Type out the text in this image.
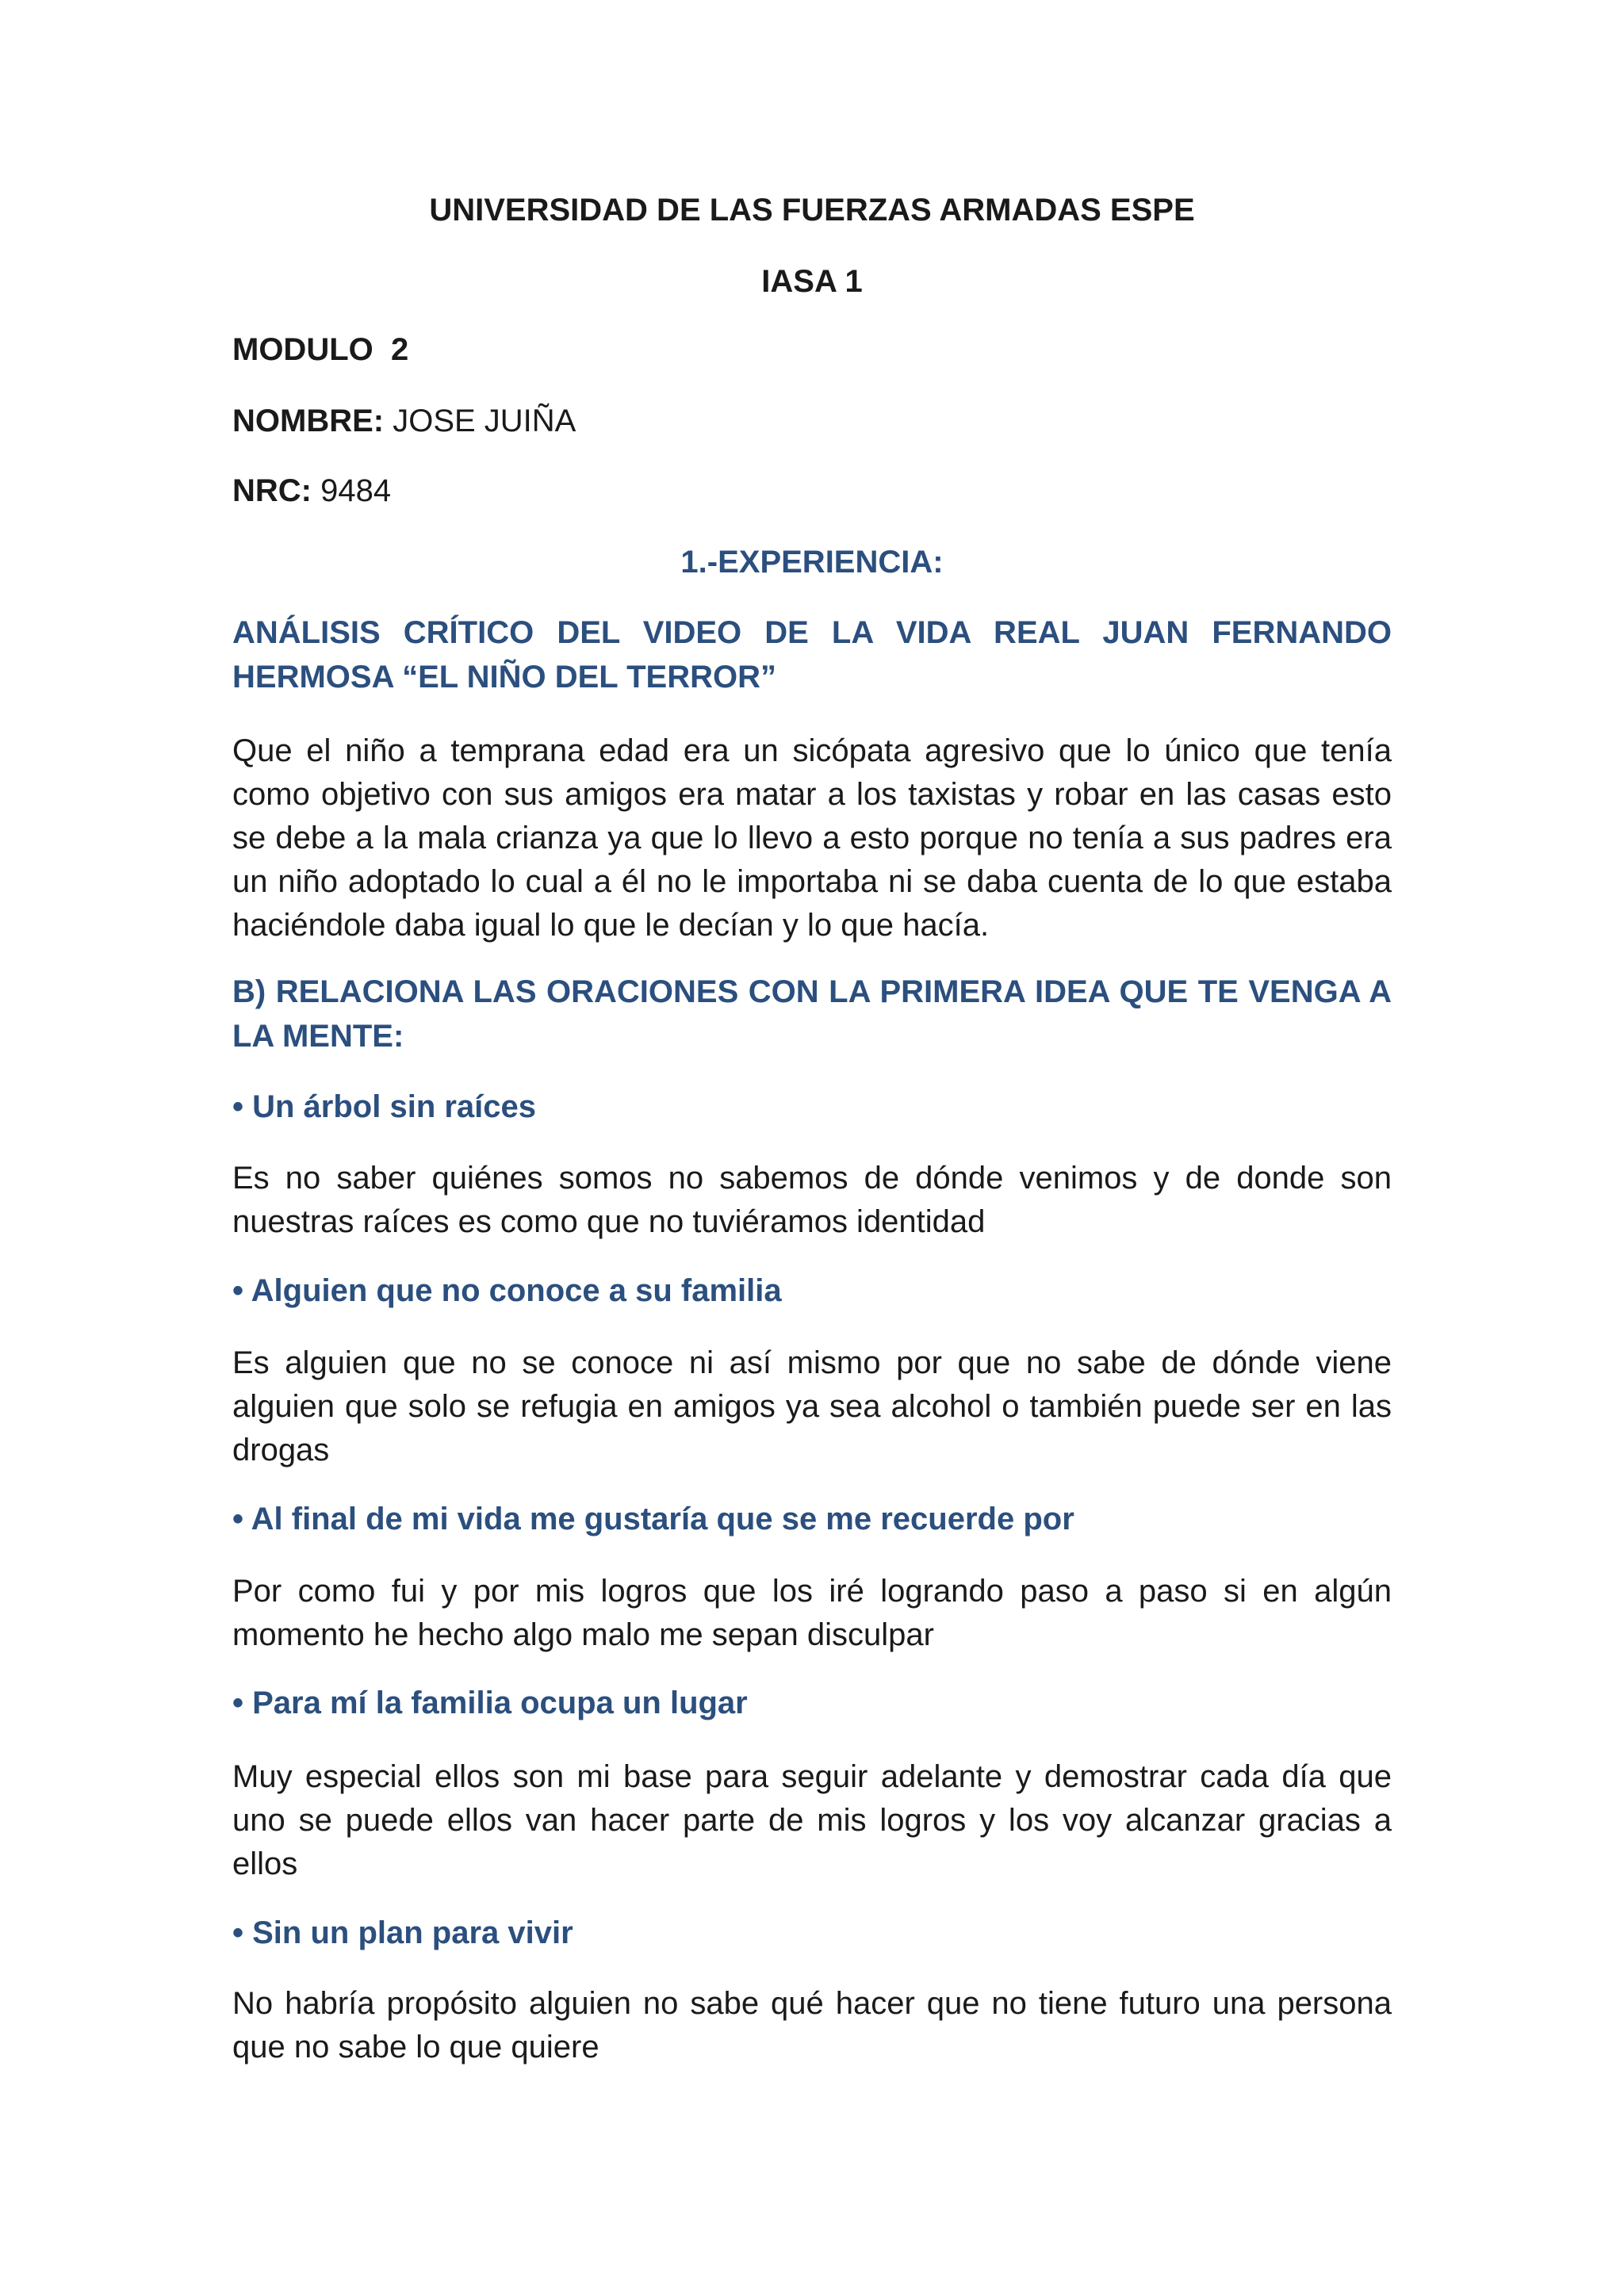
UNIVERSIDAD DE LAS FUERZAS ARMADAS ESPE

IASA 1

MODULO  2

NOMBRE: JOSE JUIÑA

NRC: 9484

1.-EXPERIENCIA:

ANÁLISIS CRÍTICO DEL VIDEO DE LA VIDA REAL JUAN FERNANDO HERMOSA “EL NIÑO DEL TERROR”

Que el niño a temprana edad era un sicópata agresivo que lo único que tenía como objetivo con sus amigos era matar a los taxistas y robar en las casas esto se debe a la mala crianza ya que lo llevo a esto porque no tenía a sus padres era un niño adoptado lo cual a él no le importaba ni se daba cuenta de lo que estaba haciéndole daba igual lo que le decían y lo que hacía.

B) RELACIONA LAS ORACIONES CON LA PRIMERA IDEA QUE TE VENGA A LA MENTE:

• Un árbol sin raíces

Es no saber quiénes somos no sabemos de dónde venimos y de donde son nuestras raíces es como que no tuviéramos identidad

• Alguien que no conoce a su familia

Es alguien que no se conoce ni así mismo por que no sabe de dónde viene alguien que solo se refugia en amigos ya sea alcohol o también puede ser en las drogas

• Al final de mi vida me gustaría que se me recuerde por

Por como fui y por mis logros que los iré logrando paso a paso si en algún momento he hecho algo malo me sepan disculpar

• Para mí la familia ocupa un lugar

Muy especial ellos son mi base para seguir adelante y demostrar cada día que uno se puede ellos van hacer parte de mis logros y los voy alcanzar gracias a ellos

• Sin un plan para vivir

No habría propósito alguien no sabe qué hacer que no tiene futuro una persona que no sabe lo que quiere
